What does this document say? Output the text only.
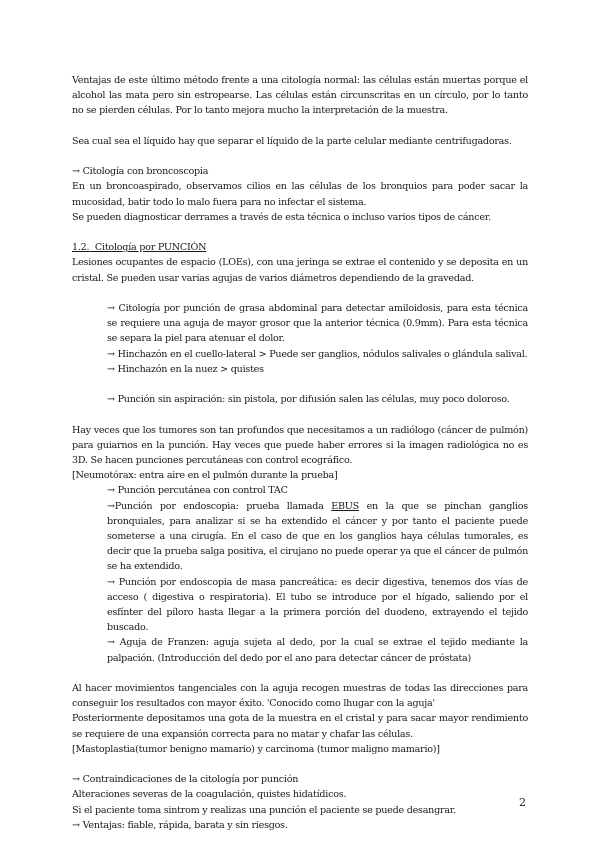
Ventajas de este último método frente a una citología normal: las células están muertas porque el alcohol las mata pero sin estropearse. Las células están circunscritas en un círculo, por lo tanto no se pierden células. Por lo tanto mejora mucho la interpretación de la muestra.

Sea cual sea el líquido hay que separar el líquido de la parte celular mediante centrifugadoras.

→ Citología con broncoscopia

En un broncoaspirado, observamos cilios en las células de los bronquios para poder sacar la mucosidad, batir todo lo malo fuera para no infectar el sistema.

Se pueden diagnosticar derrames a través de esta técnica o incluso varios tipos de cáncer.

1.2. Citología por PUNCIÓN

Lesiones ocupantes de espacio (LOEs), con una jeringa se extrae el contenido y se deposita en un cristal. Se pueden usar varias agujas de varios diámetros dependiendo de la gravedad.

→ Citología por punción de grasa abdominal para detectar amiloidosis, para esta técnica se requiere una aguja de mayor grosor que la anterior técnica (0.9mm). Para esta técnica se separa la piel para atenuar el dolor.

→ Hinchazón en el cuello-lateral > Puede ser ganglios, nódulos salivales o glándula salival.

→ Hinchazón en la nuez > quistes

→ Punción sin aspiración: sin pistola, por difusión salen las células, muy poco doloroso.

Hay veces que los tumores son tan profundos que necesitamos a un radiólogo (cáncer de pulmón) para guiarnos en la punción. Hay veces que puede haber errores si la imagen radiológica no es 3D. Se hacen punciones percutáneas con control ecográfico.

[Neumotórax: entra aire en el pulmón durante la prueba]

→ Punción percutánea con control TAC

→Punción por endoscopia: prueba llamada EBUS en la que se pinchan ganglios bronquiales, para analizar si se ha extendido el cáncer y por tanto el paciente puede someterse a una cirugía. En el caso de que en los ganglios haya células tumorales, es decir que la prueba salga positiva, el cirujano no puede operar ya que el cáncer de pulmón se ha extendido.

→ Punción por endoscopia de masa pancreática: es decir digestiva, tenemos dos vías de acceso ( digestiva o respiratoria). El tubo se introduce por el hígado, saliendo por el esfínter del píloro hasta llegar a la primera porción del duodeno, extrayendo el tejido buscado.

→ Aguja de Franzen: aguja sujeta al dedo, por la cual se extrae el tejido mediante la palpación. (Introducción del dedo por el ano para detectar cáncer de próstata)

Al hacer movimientos tangenciales con la aguja recogen muestras de todas las direcciones para conseguir los resultados con mayor éxito. 'Conocido como lhugar con la aguja'

Posteriormente depositamos una gota de la muestra en el cristal y para sacar mayor rendimiento se requiere de una expansión correcta para no matar y chafar las células.

[Mastoplastia(tumor benigno mamario) y carcinoma (tumor maligno mamario)]

→ Contraindicaciones de la citología por punción

Alteraciones severas de la coagulación, quistes hidatídicos.

Si el paciente toma sintrom y realizas una punción el paciente se puede desangrar.

→ Ventajas: fiable, rápida, barata y sin riesgos.

2
